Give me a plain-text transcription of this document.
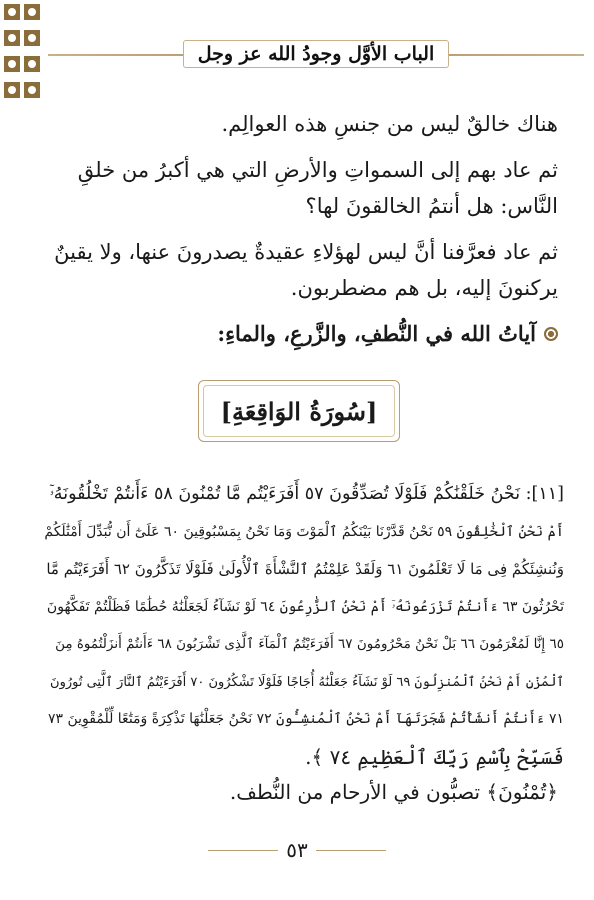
الباب الأوَّل وجودُ الله عز وجل

هناك خالقٌ ليس من جنسِ هذه العوالِم.

ثم عاد بهم إلى السمواتِ والأرضِ التي هي أكبرُ من خلقِ النَّاس: هل أنتمُ الخالقونَ لها؟

ثم عاد فعرَّفنا أنَّ ليس لهؤلاءِ عقيدةٌ يصدرونَ عنها، ولا يقينٌ يركنونَ إليه، بل هم مضطربون.

آياتُ الله في النُّطفِ، والزَّرعِ، والماءِ:
[سُورَةُ الوَاقِعَةِ]
[١١]: نَحْنُ خَلَقْنَٰكُمْ فَلَوْلَا تُصَدِّقُونَ ٥٧ أَفَرَءَيْتُم مَّا تُمْنُونَ ٥٨ ءَأَنتُمْ تَخْلُقُونَهُۥٓ
أَمْ نَحْنُ ٱلْخَٰلِقُونَ ٥٩ نَحْنُ قَدَّرْنَا بَيْنَكُمُ ٱلْمَوْتَ وَمَا نَحْنُ بِمَسْبُوقِينَ ٦٠ عَلَىٰٓ أَن نُّبَدِّلَ أَمْثَٰلَكُمْ
وَنُنشِئَكُمْ فِى مَا لَا تَعْلَمُونَ ٦١ وَلَقَدْ عَلِمْتُمُ ٱلنَّشْأَةَ ٱلْأُولَىٰ فَلَوْلَا تَذَكَّرُونَ ٦٢ أَفَرَءَيْتُم مَّا
تَحْرُثُونَ ٦٣ ءَأَنتُمْ تَزْرَعُونَهُۥٓ أَمْ نَحْنُ ٱلزَّٰرِعُونَ ٦٤ لَوْ نَشَآءُ لَجَعَلْنَٰهُ حُطَٰمًا فَظَلْتُمْ تَفَكَّهُونَ
٦٥ إِنَّا لَمُغْرَمُونَ ٦٦ بَلْ نَحْنُ مَحْرُومُونَ ٦٧ أَفَرَءَيْتُمُ ٱلْمَآءَ ٱلَّذِى تَشْرَبُونَ ٦٨ ءَأَنتُمْ أَنزَلْتُمُوهُ مِنَ
ٱلْمُزْنِ أَمْ نَحْنُ ٱلْمُنزِلُونَ ٦٩ لَوْ نَشَآءُ جَعَلْنَٰهُ أُجَاجًا فَلَوْلَا تَشْكُرُونَ ٧٠ أَفَرَءَيْتُمُ ٱلنَّارَ ٱلَّتِى تُورُونَ
٧١ ءَأَنتُمْ أَنشَأْتُمْ شَجَرَتَهَآ أَمْ نَحْنُ ٱلْمُنشِـُٔونَ ٧٢ نَحْنُ جَعَلْنَٰهَا تَذْكِرَةً وَمَتَٰعًا لِّلْمُقْوِينَ ٧٣
فَسَبِّحْ بِٱسْمِ رَبِّكَ ٱلْعَظِيمِ ٧٤ ﴾.
﴿تُمْنُونَ﴾ تصبُّون في الأرحام من النُّطف.
٥٣
